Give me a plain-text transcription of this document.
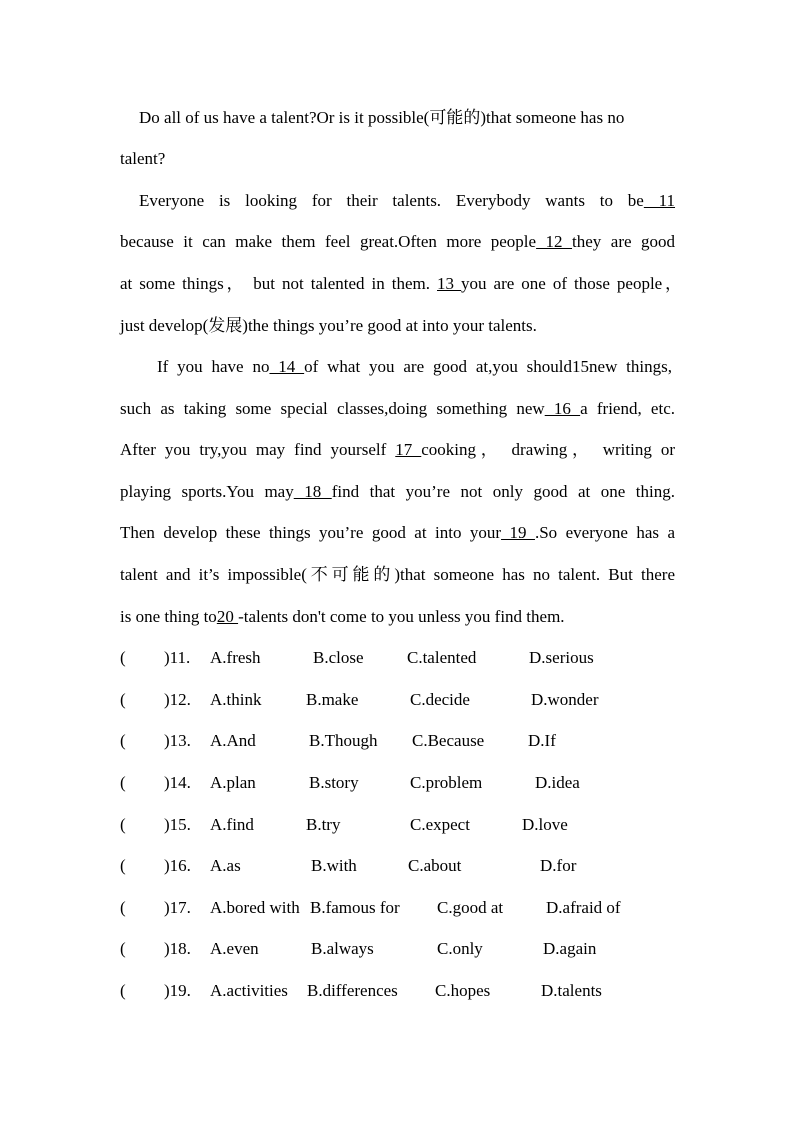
Do all of us have a talent?Or is it possible(可能的)that someone has no
talent?
Everyone is looking for their talents. Everybody wants to be 11
because it can make them feel great.Often more people 12 they are good
at some things， but not talented in them. 13 you are one of those people，
just develop(发展)the things you’re good at into your talents.
If you have no 14 of what you are good at,you should15new things,
such as taking some special classes,doing something new 16 a friend, etc.
After you try,you may find yourself 17 cooking， drawing， writing or
playing sports.You may 18 find that you’re not only good at one thing.
Then develop these things you’re good at into your 19 .So everyone has a
talent and it’s impossible(不可能的)that someone has no talent. But there
is one thing to20 -talents don't come to you unless you find them.
( )11. A.fresh	B.close	C.talented	D.serious
( )12. A.think	B.make	C.decide	D.wonder
( )13. A.And	B.Though C.Because	D.If
( )14. A.plan	B.story	C.problem	D.idea
( )15. A.find	B.try	C.expect	D.love
( )16. A.as	B.with	C.about	D.for
( )17. A.bored with B.famous for C.good at	D.afraid of
( )18. A.even	B.always	C.only	D.again
( )19. A.activities B.differences C.hopes	D.talents
